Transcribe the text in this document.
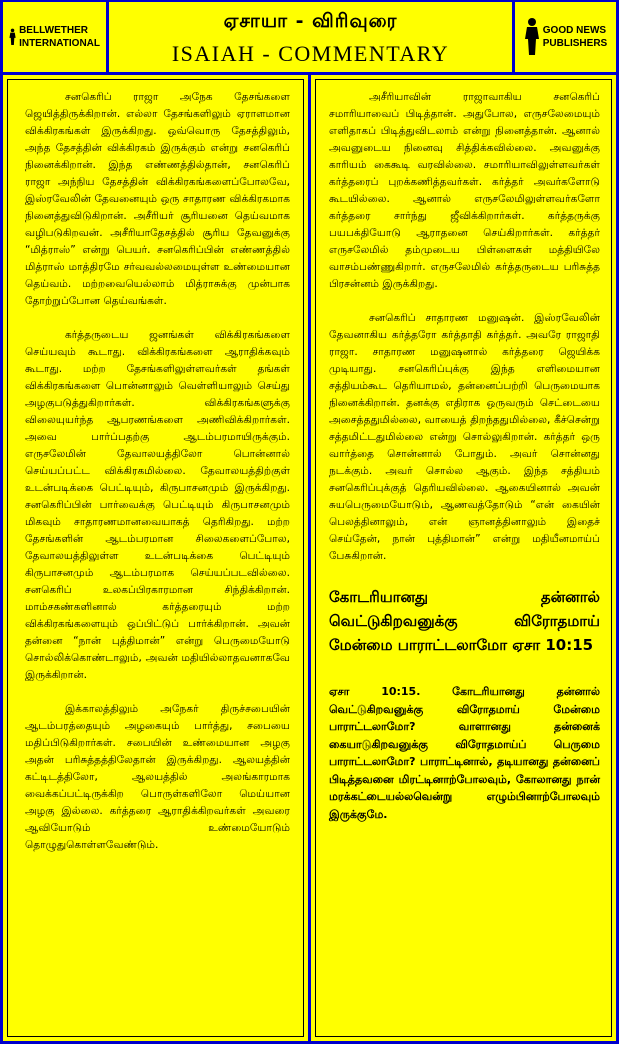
BELLWETHER
INTERNATIONAL
ஏசாயா - விரிவுரை
ISAIAH - COMMENTARY
GOOD NEWS
PUBLISHERS

சனகெரிப் ராஜா அநேக தேசங்களை ஜெயித்திருக்கிறான். எல்லா தேசங்களிலும் ஏராளமான விக்கிரகங்கள் இருக்கிறது. ஒவ்வொரு தேசத்திலும், அந்த தேசத்தின் விக்கிரகம் இருக்கும் என்று சனகெரிப் நினைக்கிறான். இந்த எண்ணத்தில்தான், சனகெரிப் ராஜா அந்நிய தேசத்தின் விக்கிரகங்களைப்போலவே, இஸ்ரவேலின் தேவனையும் ஒரு சாதாரண விக்கிரகமாக நினைத்துவிடுகிறான். அசீரியர் சூரியனை தெய்வமாக வழிபடுகிறவன். அசீரியாதேசத்தில் சூரிய தேவனுக்கு “மித்ராஸ்” என்று பெயர். சனகெரிப்பின் எண்ணத்தில் மித்ராஸ் மாத்திரமே சர்வவல்லமையுள்ள உண்மையான தெய்வம். மற்றவையெல்லாம் மித்ராசுக்கு முன்பாக தோற்றுப்போன தெய்வங்கள்.

கர்த்தருடைய ஜனங்கள் விக்கிரகங்களை செய்யவும் கூடாது. விக்கிரகங்களை ஆராதிக்கவும் கூடாது. மற்ற தேசங்களிலுள்ளவர்கள் தங்கள் விக்கிரகங்களை பொன்னாலும் வெள்ளியாலும் செய்து அழகுபடுத்துகிறார்கள். விக்கிரகங்களுக்கு விலையுயர்ந்த ஆபரணங்களை அணிவிக்கிறார்கள். அவை பார்ப்பதற்கு ஆடம்பரமாயிருக்கும். எருசலேமின் தேவாலயத்திலோ பொன்னால் செய்யப்பட்ட விக்கிரகமில்லை. தேவாலயத்திற்குள் உடன்படிக்கை பெட்டியும், கிருபாசனமும் இருக்கிறது. சனகெரிப்பின் பார்வைக்கு பெட்டியும் கிருபாசனமும் மிகவும் சாதாரணமானவையாகத் தெரிகிறது. மற்ற தேசங்களின் ஆடம்பரமான சிலைகளைப்போல, தேவாலயத்திலுள்ள உடன்படிக்கை பெட்டியும் கிருபாசனமும் ஆடம்பரமாக செய்யப்படவில்லை. சனகெரிப் உலகப்பிரகாரமான சிந்திக்கிறான். மாம்சகண்களினால் கர்த்தரையும் மற்ற விக்கிரகங்களையும் ஒப்பிட்டுப் பார்க்கிறான். அவன் தன்னை “நான் புத்திமான்” என்று பெருமையோடு சொல்லிக்கொண்டாலும், அவன் மதியில்லாதவனாகவே இருக்கிறான்.

இக்காலத்திலும் அநேகர் திருச்சபையின் ஆடம்பரத்தையும் அழகையும் பார்த்து, சபையை மதிப்பிடுகிறார்கள். சபையின் உண்மையான அழகு அதன் பரிசுத்தத்திலேதான் இருக்கிறது. ஆலயத்தின் கட்டிடத்திலோ, ஆலயத்தில் அலங்காரமாக வைக்கப்பட்டிருக்கிற பொருள்களிலோ மெய்யான அழகு இல்லை. கர்த்தரை ஆராதிக்கிறவர்கள் அவரை ஆவியோடும் உண்மையோடும் தொழுதுகொள்ளவேண்டும்.

அசீரியாவின் ராஜாவாகிய சனகெரிப் சமாரியாவைப் பிடித்தான். அதுபோல, எருசலேமையும் எளிதாகப் பிடித்துவிடலாம் என்று நினைத்தான். ஆனால் அவனுடைய நினைவு சித்திக்கவில்லை. அவனுக்கு காரியம் கைகூடி வரவில்லை. சமாரியாவிலுள்ளவர்கள் கர்த்தரைப் புறக்கணித்தவர்கள். கர்த்தர் அவர்களோடு கூடயில்லை. ஆனால் எருசலேமிலுள்ளவர்களோ கர்த்தரை சார்ந்து ஜீவிக்கிறார்கள். கர்த்தருக்கு பயபக்தியோடு ஆராதனை செய்கிறார்கள். கர்த்தர் எருசலேமில் தம்முடைய பிள்ளைகள் மத்தியிலே வாசம்பண்ணுகிறார். எருசலேமில் கர்த்தருடைய பரிசுத்த பிரசன்னம் இருக்கிறது.

சனகெரிப் சாதாரண மனுஷன். இஸ்ரவேலின் தேவனாகிய கர்த்தரோ கர்த்தாதி கர்த்தர். அவரே ராஜாதி ராஜா. சாதாரண மனுஷனால் கர்த்தரை ஜெயிக்க முடியாது. சனகெரிப்புக்கு இந்த எளிமையான சத்தியம்கூட தெரியாமல், தன்னைப்பற்றி பெருமையாக நினைக்கிறான். தனக்கு எதிராக ஒருவரும் செட்டையை அசைத்ததுமில்லை, வாயைத் திறந்ததுமில்லை, கீச்சென்று சத்தமிட்டதுமில்லை என்று சொல்லுகிறான். கர்த்தர் ஒரு வார்த்தை சொன்னால் போதும். அவர் சொன்னது நடக்கும். அவர் சொல்ல ஆகும். இந்த சத்தியம் சனகெரிப்புக்குத் தெரியவில்லை. ஆகையினால் அவன் சுயபெருமையோடும், ஆணவத்தோடும் “என் கையின் பெலத்தினாலும், என் ஞானத்தினாலும் இதைச் செய்தேன், நான் புத்திமான்” என்று மதியீனமாய்ப் பேசுகிறான்.

கோடரியானது தன்னால் வெட்டுகிறவனுக்கு விரோதமாய் மேன்மை பாராட்டலாமோ ஏசா 10:15

ஏசா 10:15. கோடரியானது தன்னால் வெட்டுகிறவனுக்கு விரோதமாய் மேன்மை பாராட்டலாமோ? வாளானது தன்னைக் கையாடுகிறவனுக்கு விரோதமாய்ப் பெருமை பாராட்டலாமோ? பாராட்டினால், தடியானது தன்னைப் பிடித்தவனை மிரட்டினாற்போலவும், கோலானது நான் மரக்கட்டையல்லவென்று எழும்பினாற்போலவும் இருக்குமே.
